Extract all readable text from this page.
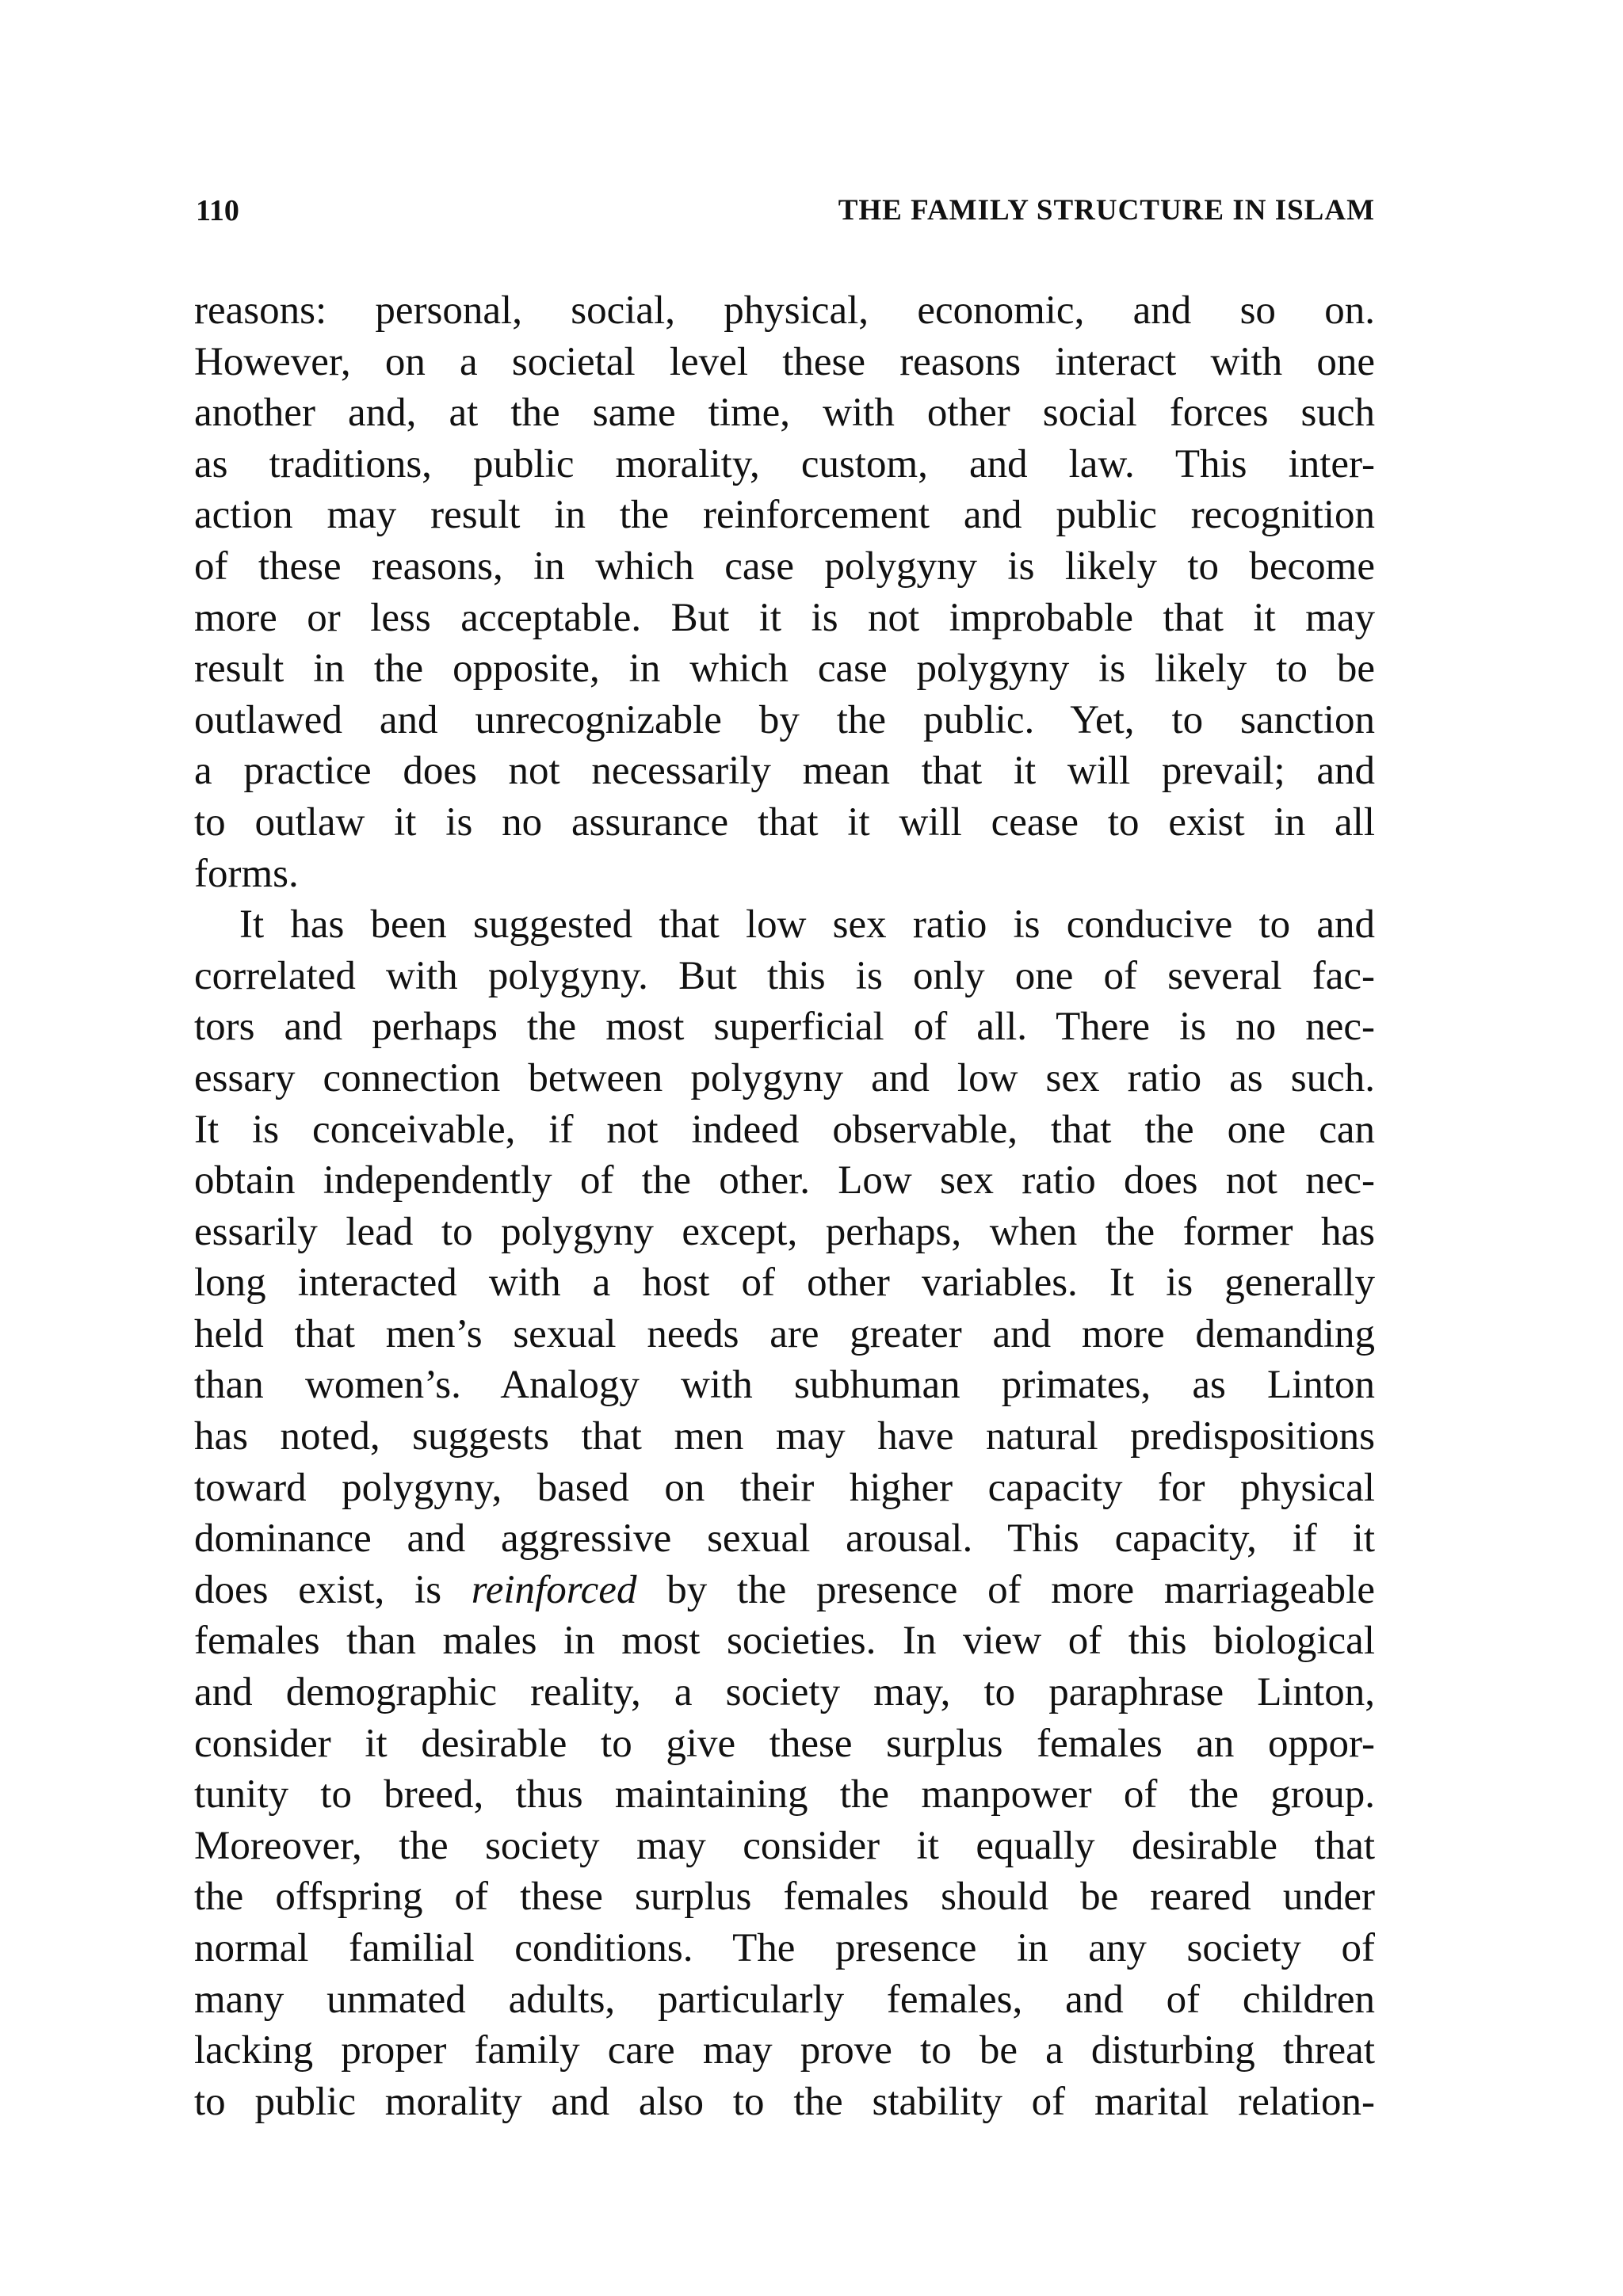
110	THE FAMILY STRUCTURE IN ISLAM
reasons: personal, social, physical, economic, and so on.
However, on a societal level these reasons interact with one
another and, at the same time, with other social forces such
as traditions, public morality, custom, and law. This inter-
action may result in the reinforcement and public recognition
of these reasons, in which case polygyny is likely to become
more or less acceptable. But it is not improbable that it may
result in the opposite, in which case polygyny is likely to be
outlawed and unrecognizable by the public. Yet, to sanction
a practice does not necessarily mean that it will prevail; and
to outlaw it is no assurance that it will cease to exist in all
forms.
It has been suggested that low sex ratio is conducive to and
correlated with polygyny. But this is only one of several fac-
tors and perhaps the most superficial of all. There is no nec-
essary connection between polygyny and low sex ratio as such.
It is conceivable, if not indeed observable, that the one can
obtain independently of the other. Low sex ratio does not nec-
essarily lead to polygyny except, perhaps, when the former has
long interacted with a host of other variables. It is generally
held that men’s sexual needs are greater and more demanding
than women’s. Analogy with subhuman primates, as Linton
has noted, suggests that men may have natural predispositions
toward polygyny, based on their higher capacity for physical
dominance and aggressive sexual arousal. This capacity, if it
does exist, is reinforced by the presence of more marriageable
females than males in most societies. In view of this biological
and demographic reality, a society may, to paraphrase Linton,
consider it desirable to give these surplus females an oppor-
tunity to breed, thus maintaining the manpower of the group.
Moreover, the society may consider it equally desirable that
the offspring of these surplus females should be reared under
normal familial conditions. The presence in any society of
many unmated adults, particularly females, and of children
lacking proper family care may prove to be a disturbing threat
to public morality and also to the stability of marital relation-
